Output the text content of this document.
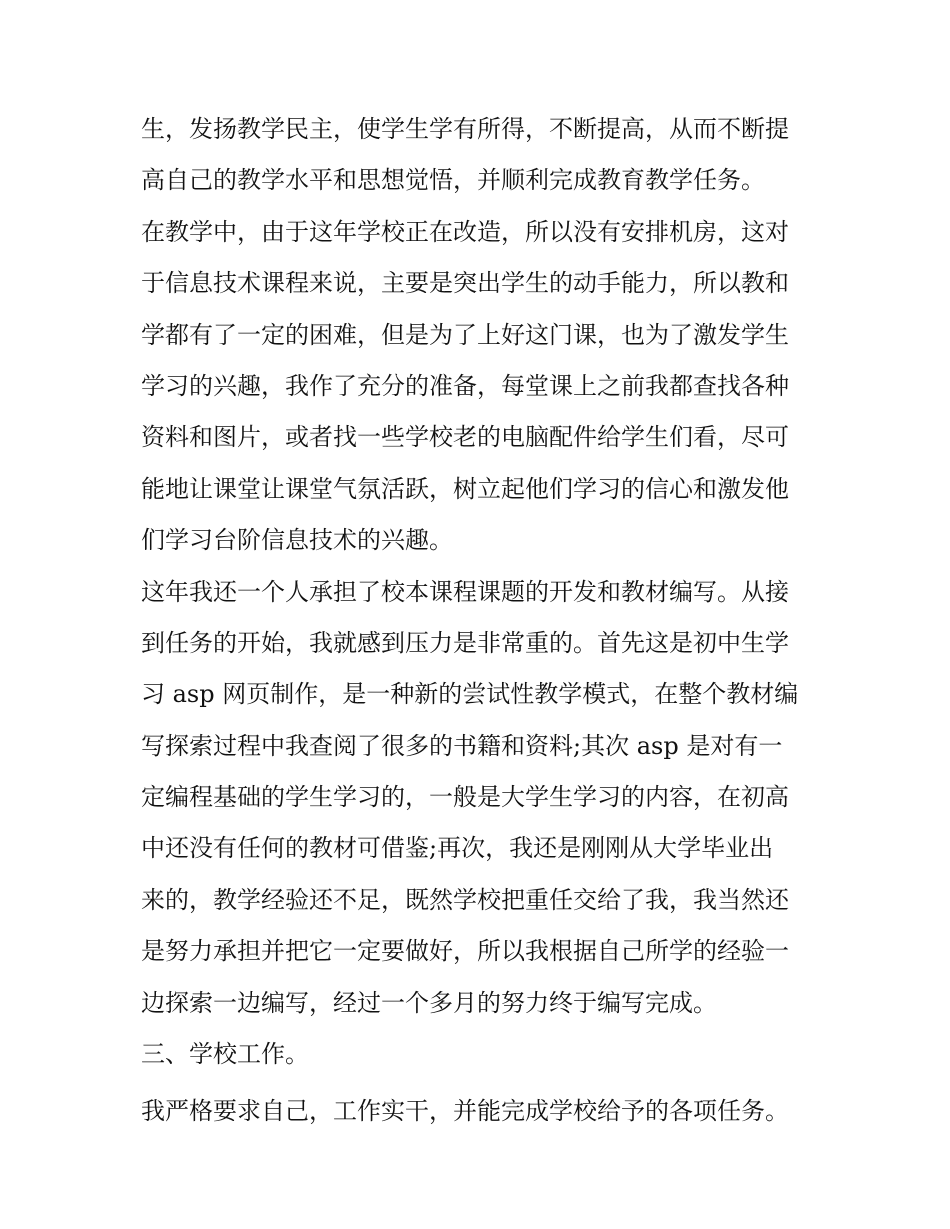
生，发扬教学民主，使学生学有所得，不断提高，从而不断提
高自己的教学水平和思想觉悟，并顺利完成教育教学任务。
在教学中，由于这年学校正在改造，所以没有安排机房，这对
于信息技术课程来说，主要是突出学生的动手能力，所以教和
学都有了一定的困难，但是为了上好这门课，也为了激发学生
学习的兴趣，我作了充分的准备，每堂课上之前我都查找各种
资料和图片，或者找一些学校老的电脑配件给学生们看，尽可
能地让课堂让课堂气氛活跃，树立起他们学习的信心和激发他
们学习台阶信息技术的兴趣。
这年我还一个人承担了校本课程课题的开发和教材编写。从接
到任务的开始，我就感到压力是非常重的。首先这是初中生学
习 asp 网页制作，是一种新的尝试性教学模式，在整个教材编
写探索过程中我查阅了很多的书籍和资料;其次 asp 是对有一
定编程基础的学生学习的，一般是大学生学习的内容，在初高
中还没有任何的教材可借鉴;再次，我还是刚刚从大学毕业出
来的，教学经验还不足，既然学校把重任交给了我，我当然还
是努力承担并把它一定要做好，所以我根据自己所学的经验一
边探索一边编写，经过一个多月的努力终于编写完成。
三、学校工作。
我严格要求自己，工作实干，并能完成学校给予的各项任务。
